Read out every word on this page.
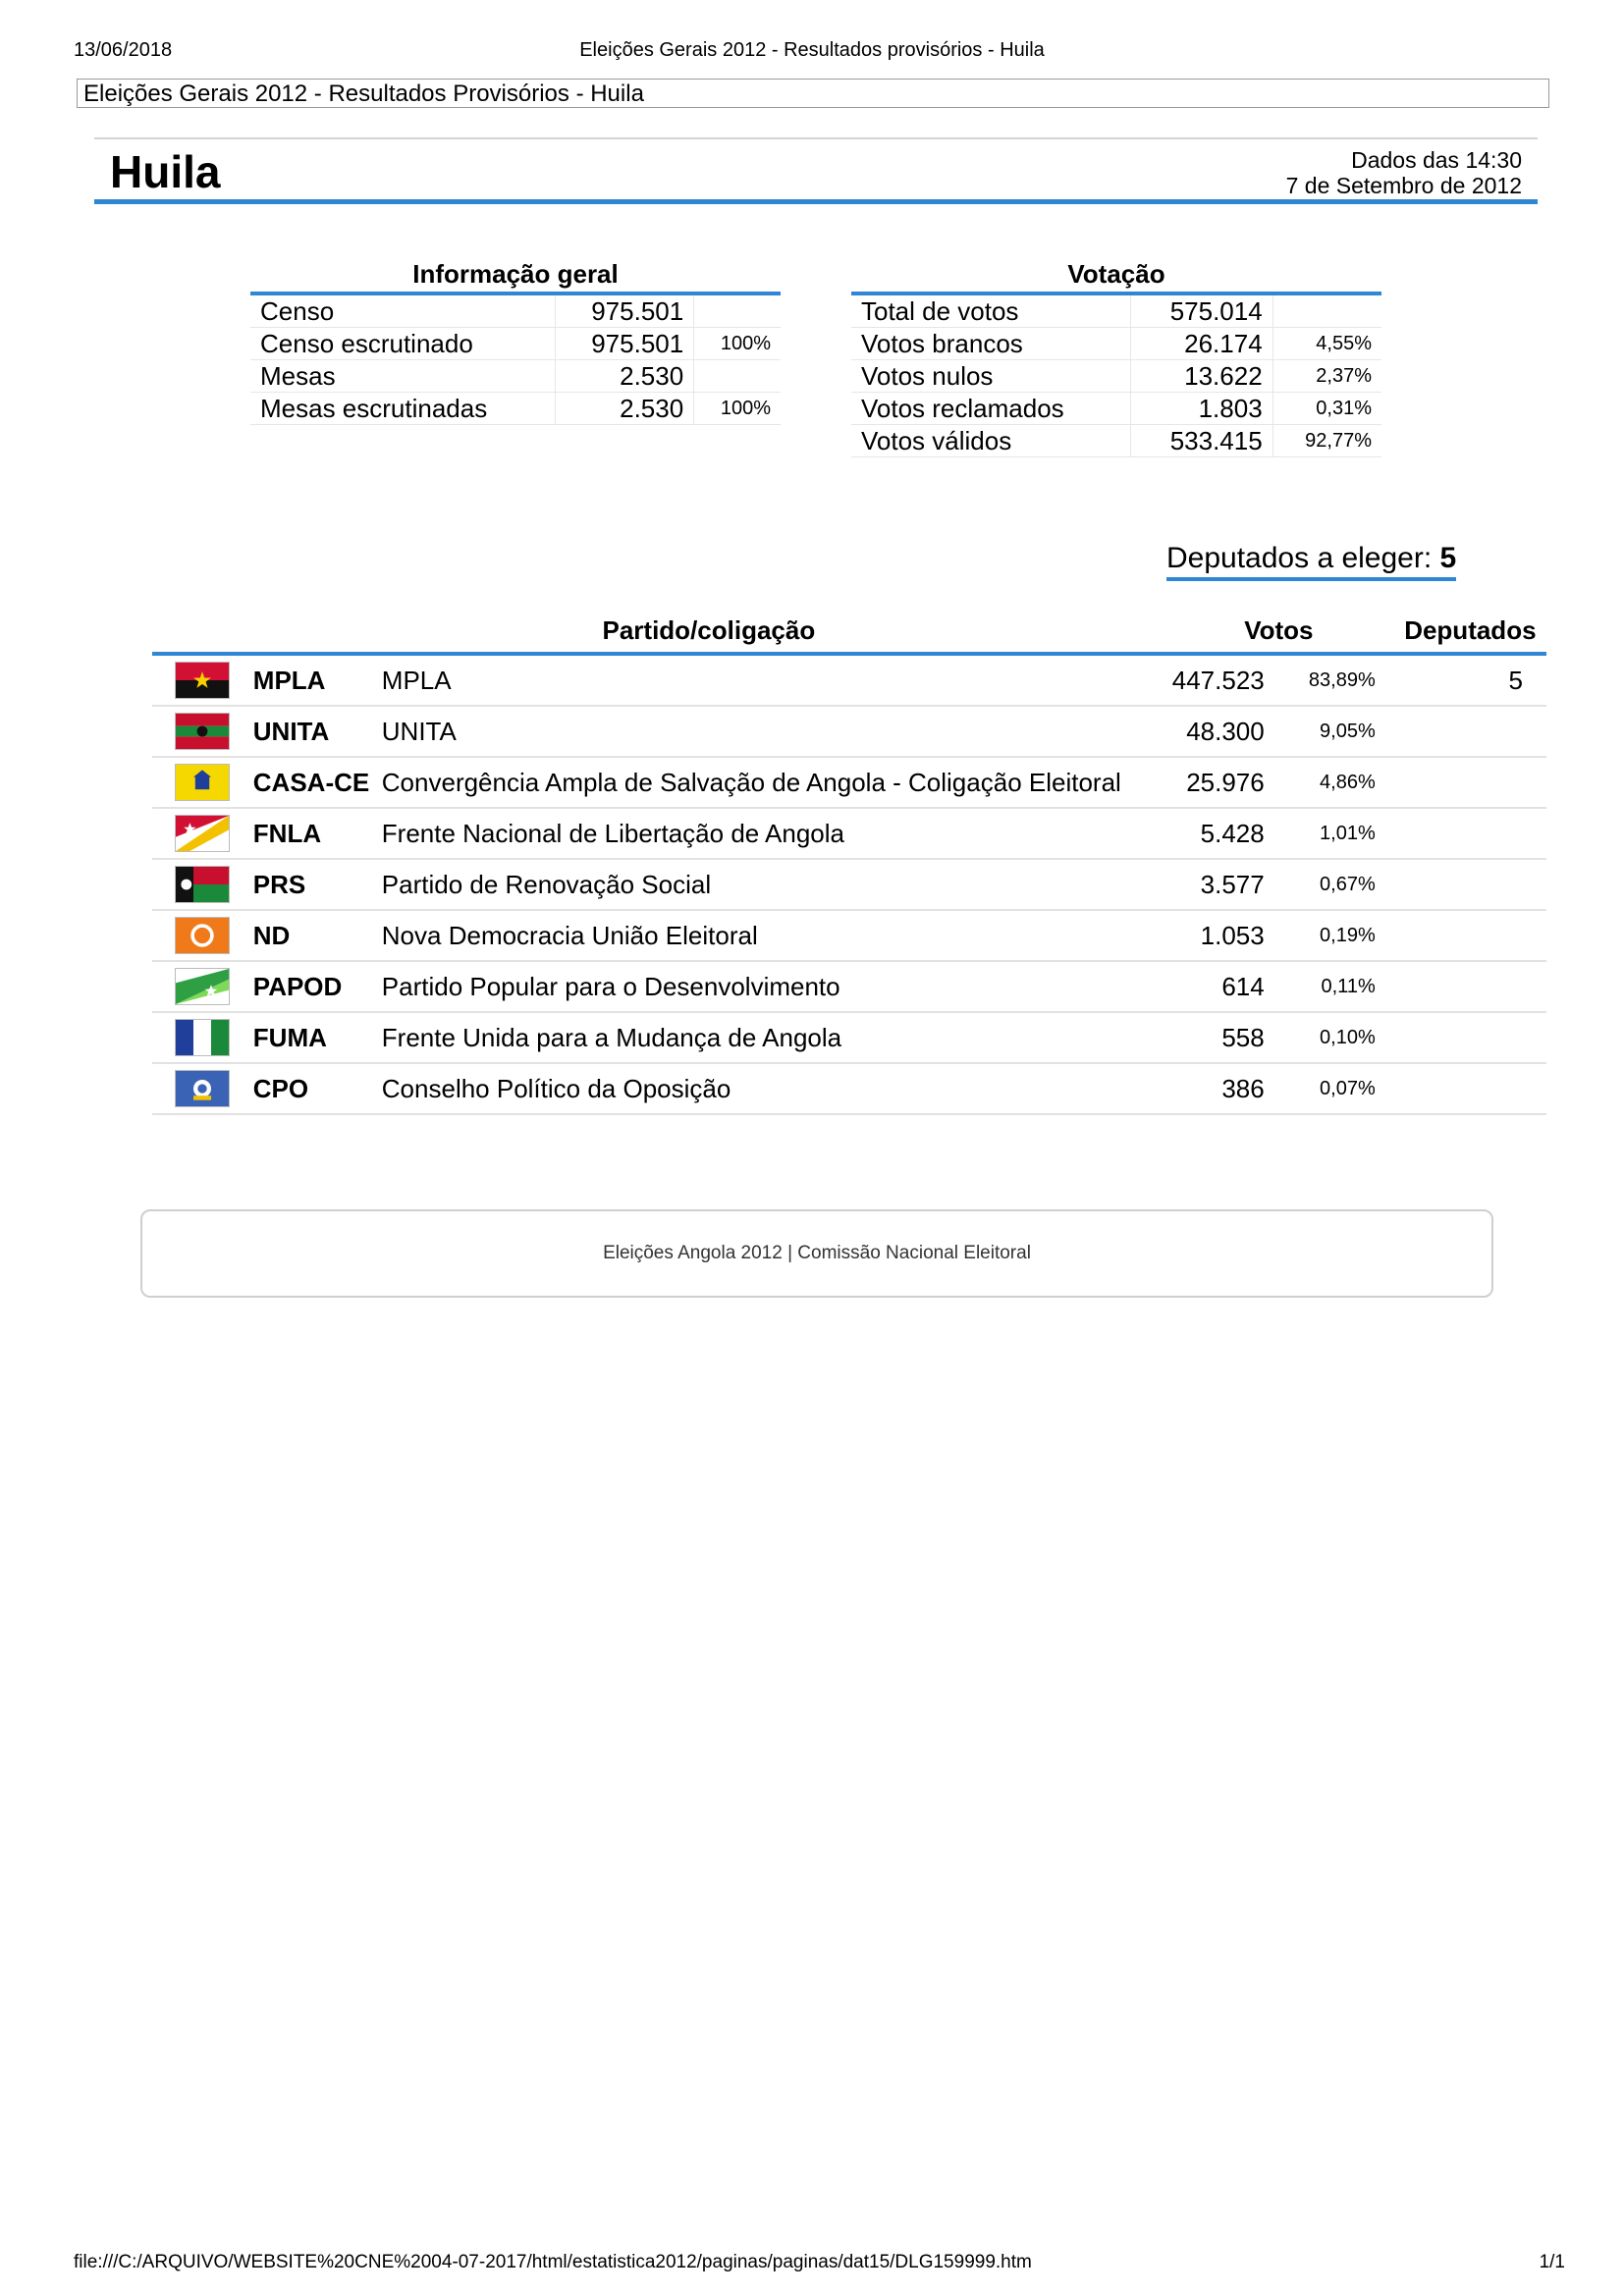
13/06/2018	Eleições Gerais 2012 - Resultados provisórios - Huila
Eleições Gerais 2012 - Resultados Provisórios - Huila
Huila	Dados das 14:30
7 de Setembro de 2012
Informação geral
Censo	975.501	
Censo escrutinado	975.501	100%
Mesas	2.530	
Mesas escrutinadas	2.530	100%
Votação
Total de votos	575.014	
Votos brancos	26.174	4,55%
Votos nulos	13.622	2,37%
Votos reclamados	1.803	0,31%
Votos válidos	533.415	92,77%
Deputados a eleger: 5
	Partido/coligação		Votos		Deputados

	MPLA	MPLA	447.523	83,89%	5

	UNITA	UNITA	48.300	9,05%	

	CASA-CE	Convergência Ampla de Salvação de Angola - Coligação Eleitoral	25.976	4,86%	

	FNLA	Frente Nacional de Libertação de Angola	5.428	1,01%	

	PRS	Partido de Renovação Social	3.577	0,67%	

	ND	Nova Democracia União Eleitoral	1.053	0,19%	

	PAPOD	Partido Popular para o Desenvolvimento	614	0,11%	

	FUMA	Frente Unida para a Mudança de Angola	558	0,10%	

	CPO	Conselho Político da Oposição	386	0,07%	
Eleições Angola 2012 | Comissão Nacional Eleitoral
file:///C:/ARQUIVO/WEBSITE%20CNE%2004-07-2017/html/estatistica2012/paginas/paginas/dat15/DLG159999.htm	1/1
